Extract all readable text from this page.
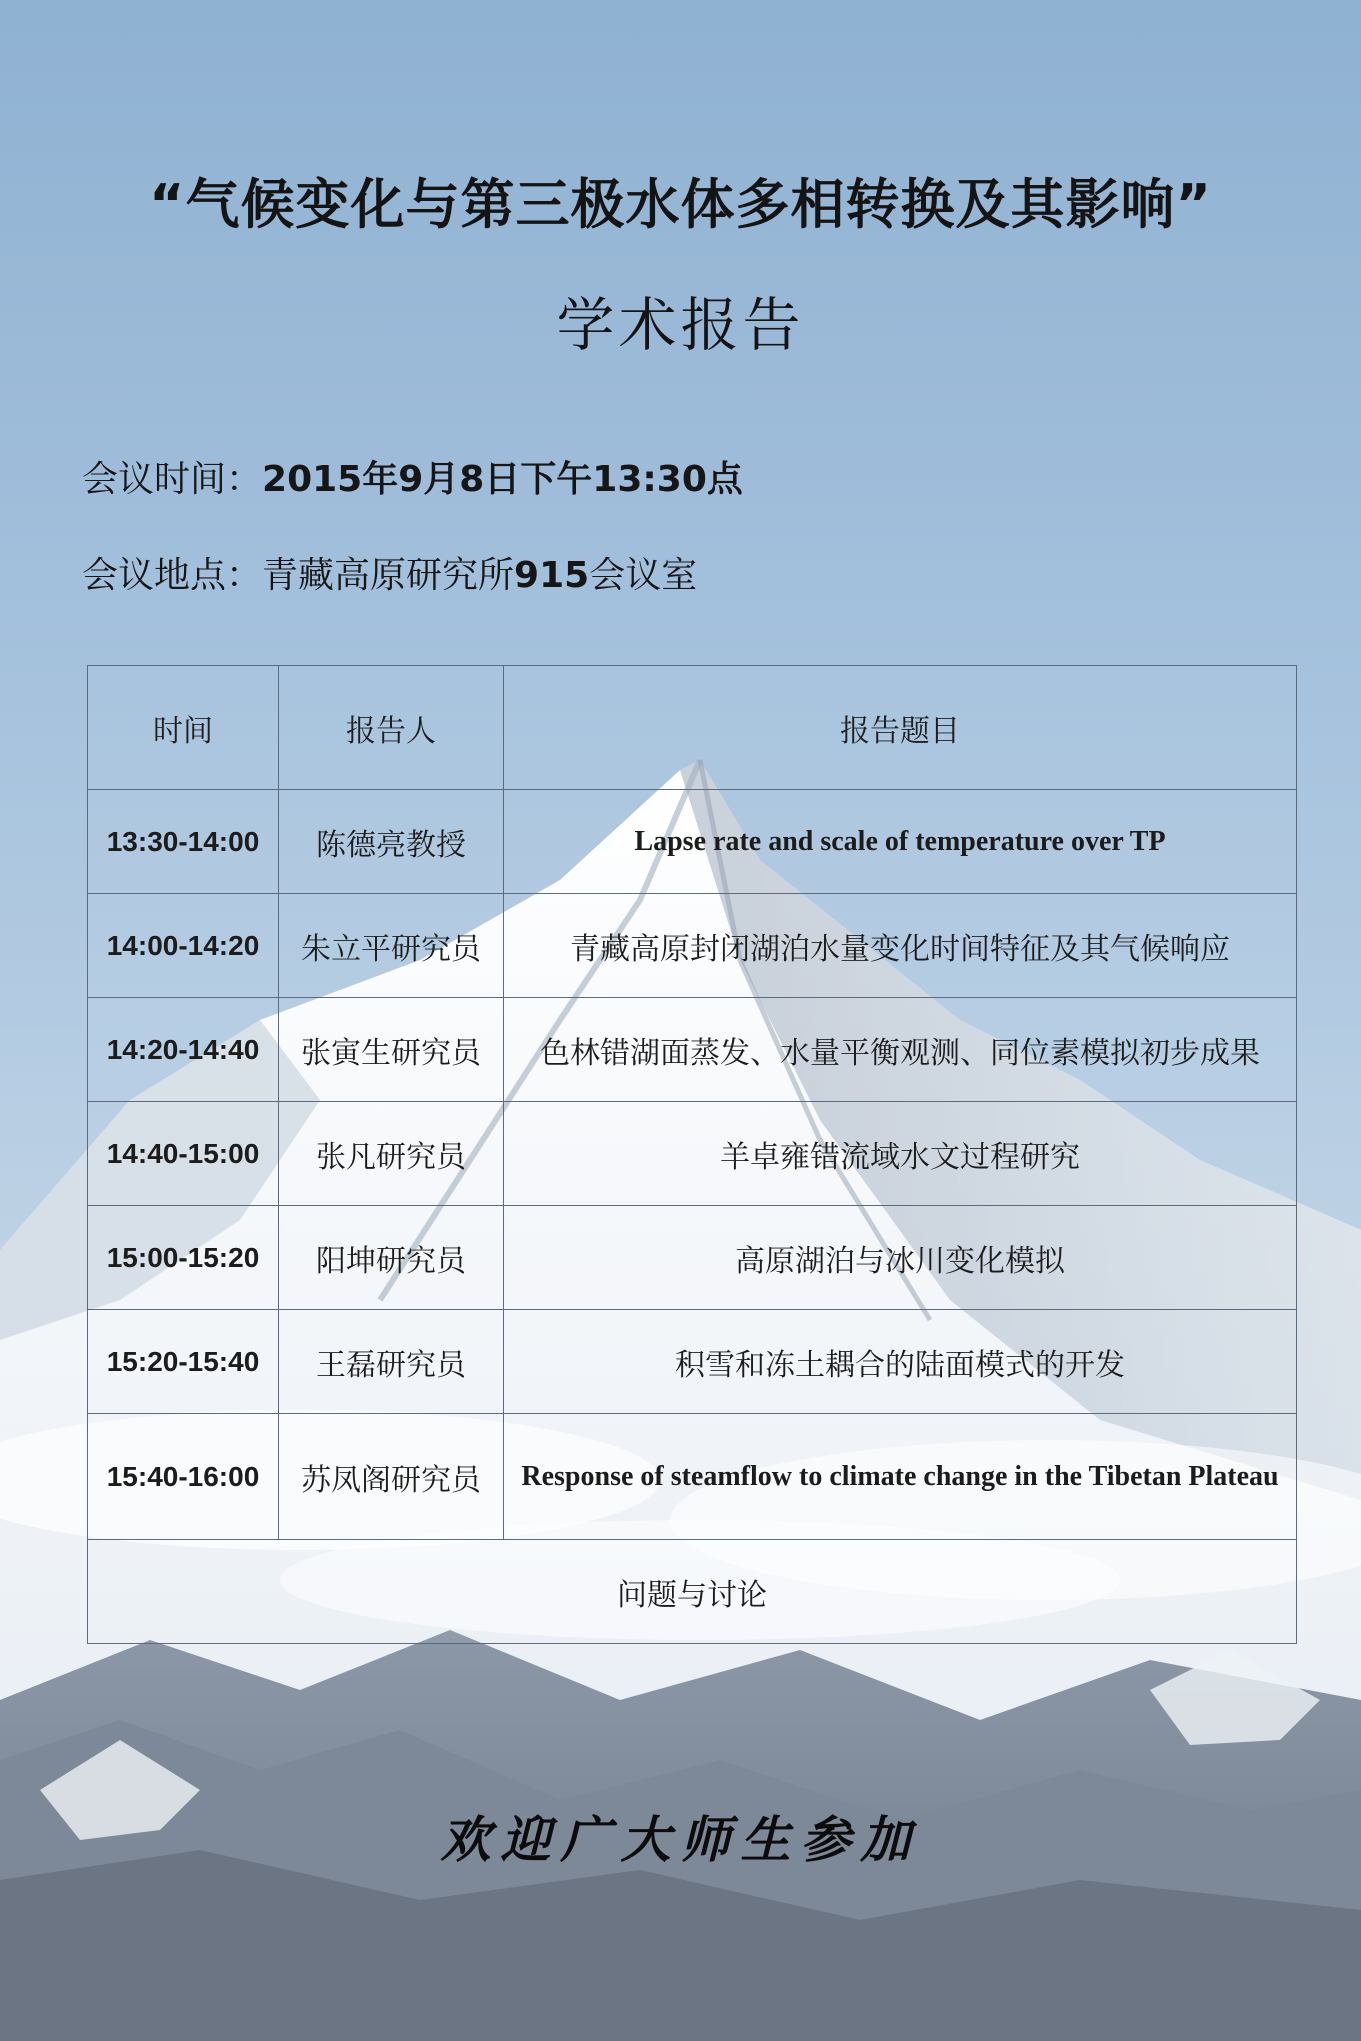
“气候变化与第三极水体多相转换及其影响”
学术报告
会议时间：2015年9月8日下午13:30点
会议地点：青藏高原研究所915会议室
时间	报告人	报告题目
13:30-14:00	陈德亮教授	Lapse rate and scale of temperature over TP
14:00-14:20	朱立平研究员	青藏高原封闭湖泊水量变化时间特征及其气候响应
14:20-14:40	张寅生研究员	色林错湖面蒸发、水量平衡观测、同位素模拟初步成果
14:40-15:00	张凡研究员	羊卓雍错流域水文过程研究
15:00-15:20	阳坤研究员	高原湖泊与冰川变化模拟
15:20-15:40	王磊研究员	积雪和冻土耦合的陆面模式的开发
15:40-16:00	苏凤阁研究员	Response of steamflow to climate change in the Tibetan Plateau
问题与讨论		
欢迎广大师生参加
